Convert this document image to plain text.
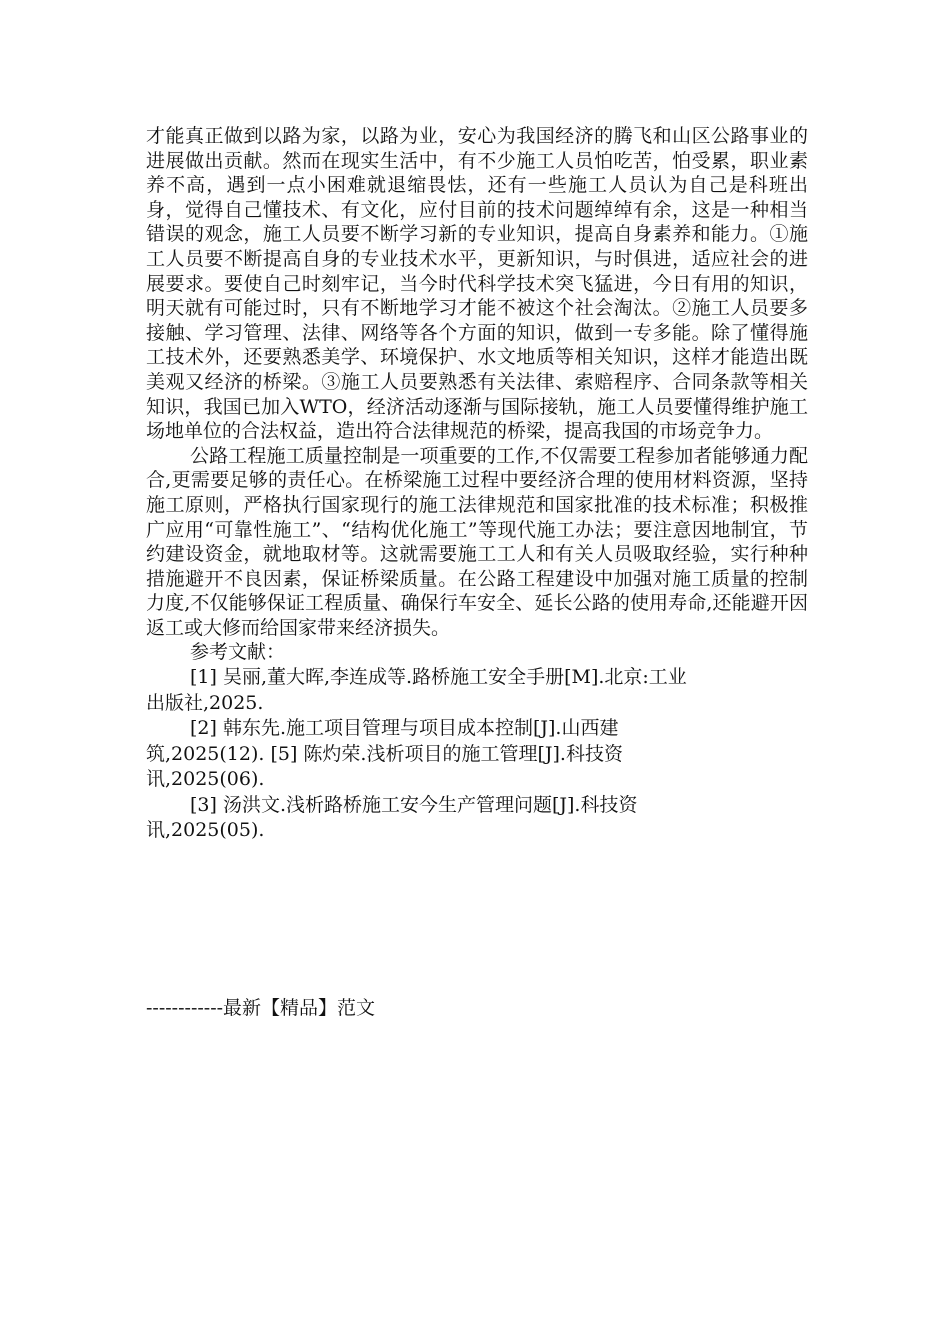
才能真正做到以路为家，以路为业，安心为我国经济的腾飞和山区公路事业的进展做出贡献。然而在现实生活中，有不少施工人员怕吃苦，怕受累，职业素养不高，遇到一点小困难就退缩畏怯，还有一些施工人员认为自己是科班出身，觉得自己懂技术、有文化，应付目前的技术问题绰绰有余，这是一种相当错误的观念，施工人员要不断学习新的专业知识，提高自身素养和能力。①施工人员要不断提高自身的专业技术水平，更新知识，与时俱进，适应社会的进展要求。要使自己时刻牢记，当今时代科学技术突飞猛进，今日有用的知识，明天就有可能过时，只有不断地学习才能不被这个社会淘汰。②施工人员要多接触、学习管理、法律、网络等各个方面的知识，做到一专多能。除了懂得施工技术外，还要熟悉美学、环境保护、水文地质等相关知识，这样才能造出既美观又经济的桥梁。③施工人员要熟悉有关法律、索赔程序、合同条款等相关知识，我国已加入WTO，经济活动逐渐与国际接轨，施工人员要懂得维护施工场地单位的合法权益，造出符合法律规范的桥梁，提高我国的市场竞争力。

公路工程施工质量控制是一项重要的工作,不仅需要工程参加者能够通力配合,更需要足够的责任心。在桥梁施工过程中要经济合理的使用材料资源，坚持施工原则，严格执行国家现行的施工法律规范和国家批准的技术标准；积极推广应用“可靠性施工”、“结构优化施工”等现代施工办法；要注意因地制宜，节约建设资金，就地取材等。这就需要施工工人和有关人员吸取经验，实行种种措施避开不良因素，保证桥梁质量。在公路工程建设中加强对施工质量的控制力度,不仅能够保证工程质量、确保行车安全、延长公路的使用寿命,还能避开因返工或大修而给国家带来经济损失。

参考文献：

[1] 吴丽,董大晖,李连成等.路桥施工安全手册[M].北京:工业
出版社,2025.

[2] 韩东先.施工项目管理与项目成本控制[J].山西建
筑,2025(12). [5] 陈灼荣.浅析项目的施工管理[J].科技资
讯,2025(06).

[3] 汤洪文.浅析路桥施工安今生产管理问题[J].科技资
讯,2025(05).

------------最新【精品】范文
